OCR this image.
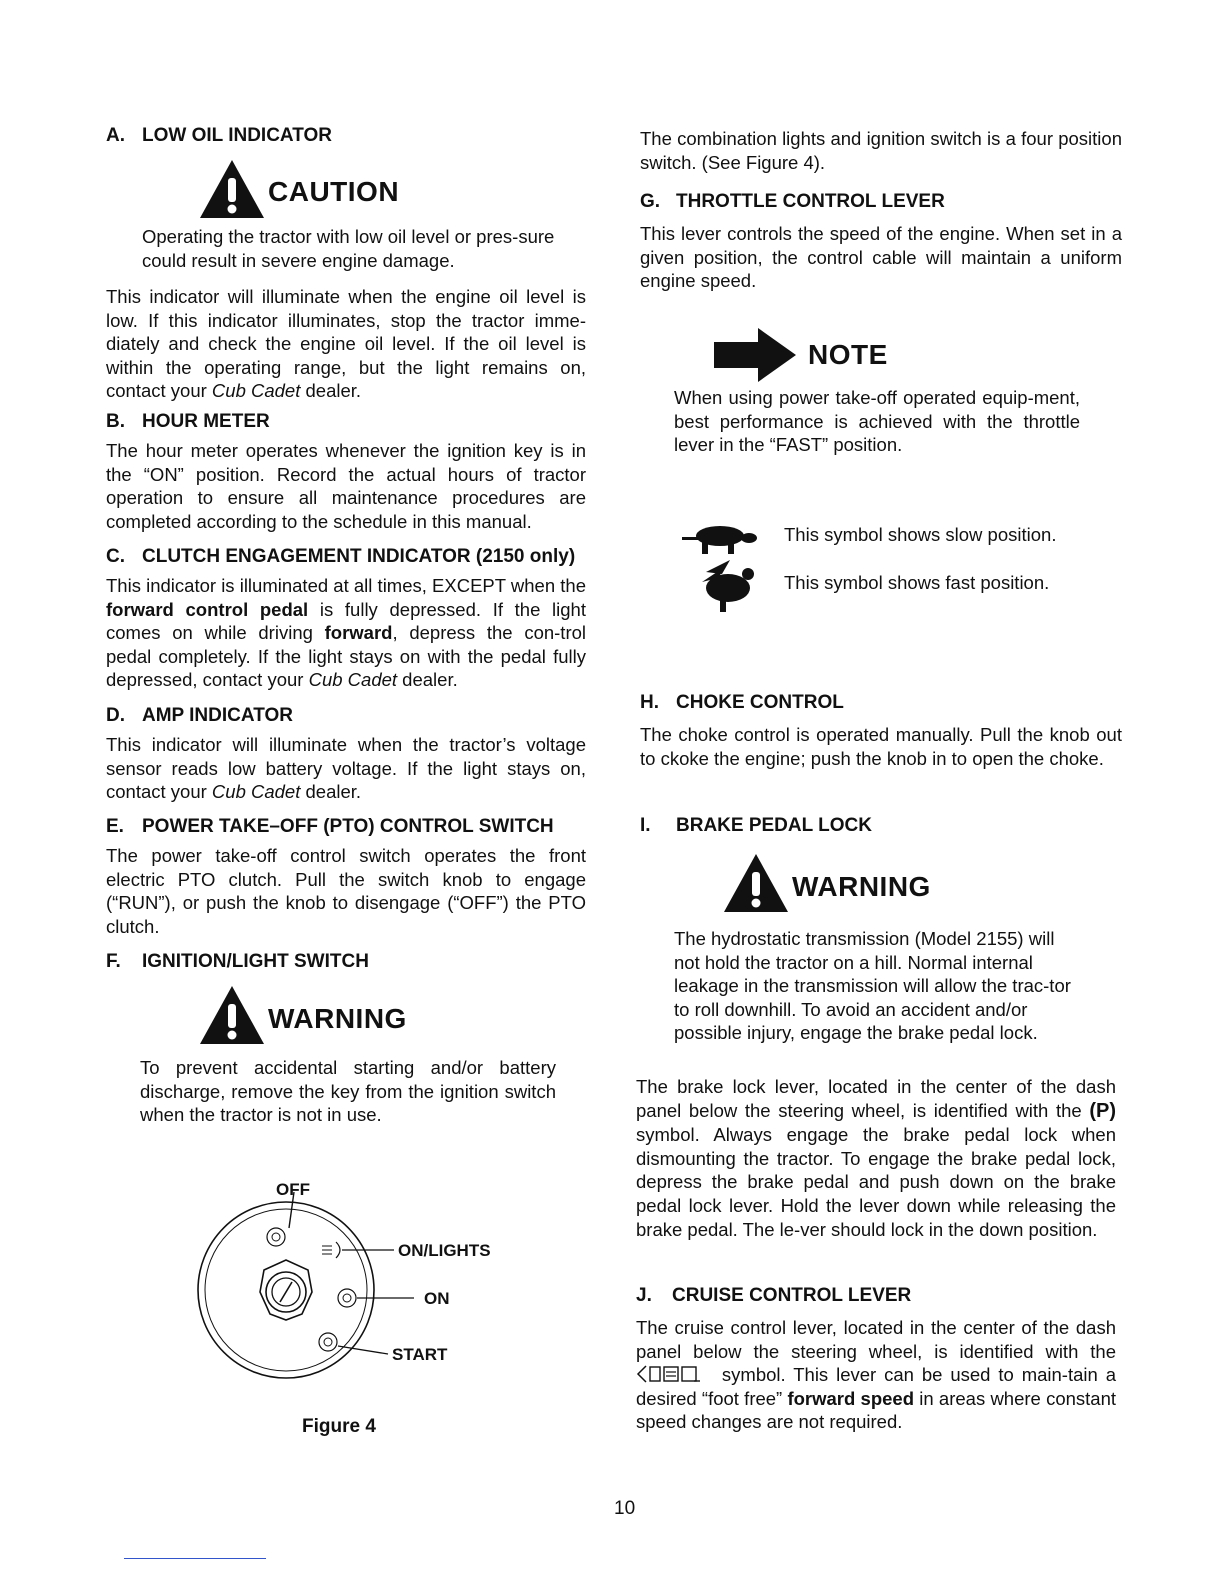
A. LOW OIL INDICATOR
CAUTION

Operating the tractor with low oil level or pres-sure could result in severe engine damage.

This indicator will illuminate when the engine oil level is low. If this indicator illuminates, stop the tractor imme-diately and check the engine oil level. If the oil level is within the operating range, but the light remains on, contact your Cub Cadet dealer.

B. HOUR METER

The hour meter operates whenever the ignition key is in the “ON” position. Record the actual hours of tractor operation to ensure all maintenance procedures are completed according to the schedule in this manual.

C. CLUTCH ENGAGEMENT INDICATOR (2150 only)

This indicator is illuminated at all times, EXCEPT when the forward control pedal is fully depressed. If the light comes on while driving forward, depress the con-trol pedal completely. If the light stays on with the pedal fully depressed, contact your Cub Cadet dealer.

D. AMP INDICATOR

This indicator will illuminate when the tractor’s voltage sensor reads low battery voltage. If the light stays on, contact your Cub Cadet dealer.

E. POWER TAKE–OFF (PTO) CONTROL SWITCH

The power take-off control switch operates the front electric PTO clutch. Pull the switch knob to engage (“RUN”), or push the knob to disengage (“OFF”) the PTO clutch.

F. IGNITION/LIGHT SWITCH
WARNING

To prevent accidental starting and/or battery discharge, remove the key from the ignition switch when the tractor is not in use.

OFF
ON/LIGHTS
ON
START
Figure 4

The combination lights and ignition switch is a four position switch. (See Figure 4).

G. THROTTLE CONTROL LEVER

This lever controls the speed of the engine. When set in a given position, the control cable will maintain a uniform engine speed.

NOTE

When using power take-off operated equip-ment, best performance is achieved with the throttle lever in the “FAST” position.

This symbol shows slow position.
This symbol shows fast position.
H. CHOKE CONTROL

The choke control is operated manually. Pull the knob out to ckoke the engine; push the knob in to open the choke.

I. BRAKE PEDAL LOCK
WARNING

The hydrostatic transmission (Model 2155) will not hold the tractor on a hill. Normal internal leakage in the transmission will allow the trac-tor to roll downhill. To avoid an accident and/or possible injury, engage the brake pedal lock.

The brake lock lever, located in the center of the dash panel below the steering wheel, is identified with the (P) symbol. Always engage the brake pedal lock when dismounting the tractor. To engage the brake pedal lock, depress the brake pedal and push down on the brake pedal lock lever. Hold the lever down while releasing the brake pedal. The le-ver should lock in the down position.

J. CRUISE CONTROL LEVER

The cruise control lever, located in the center of the dash panel below the steering wheel, is identified with the  symbol. This lever can be used to main-tain a desired “foot free” forward speed in areas where constant speed changes are not required.

10
